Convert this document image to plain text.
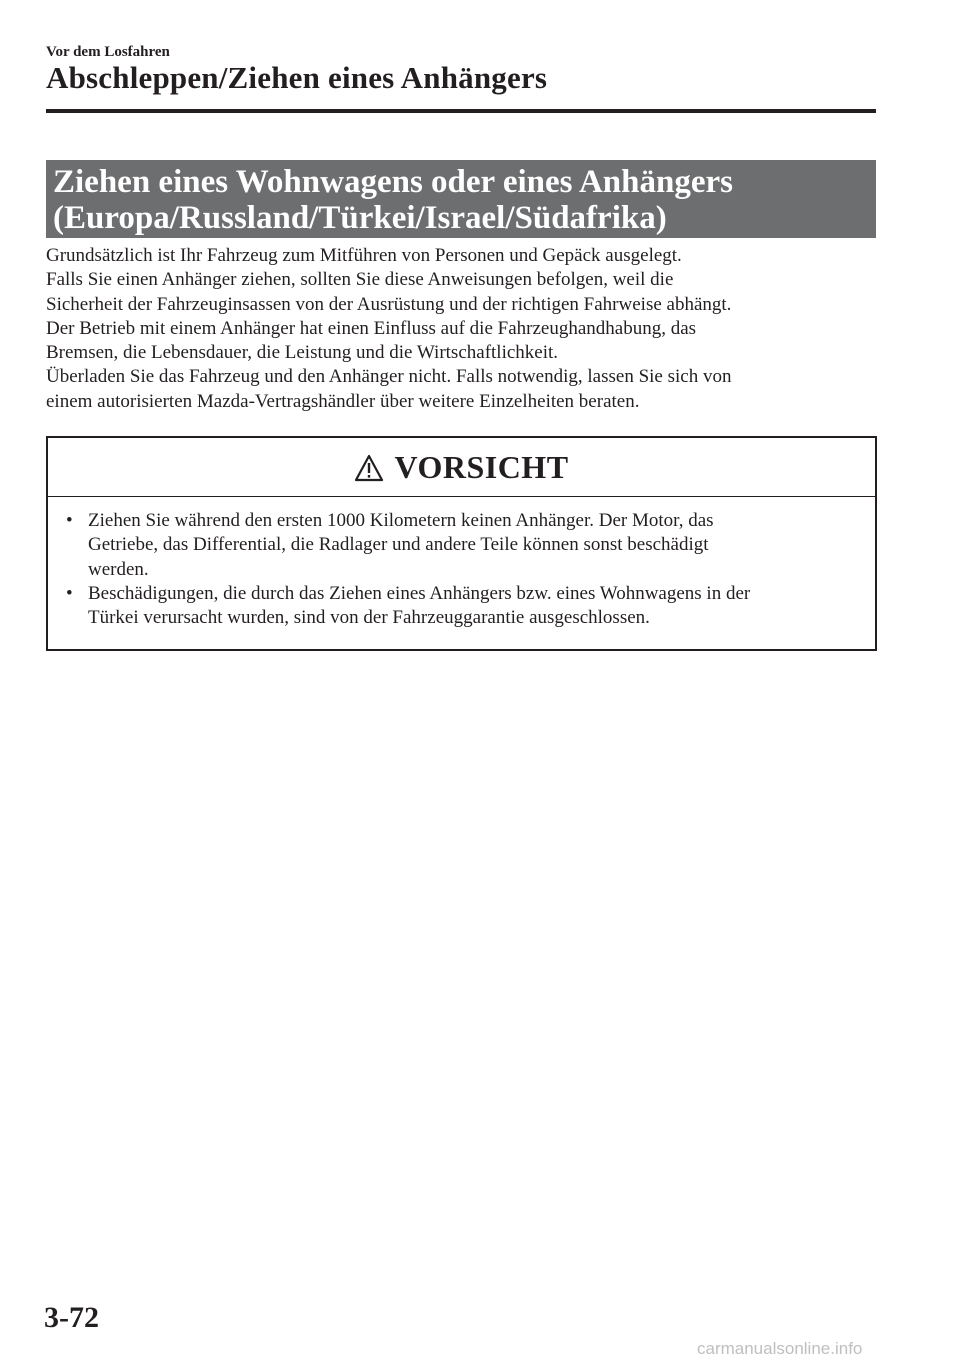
Vor dem Losfahren
Abschleppen/Ziehen eines Anhängers
Ziehen eines Wohnwagens oder eines Anhängers
(Europa/Russland/Türkei/Israel/Südafrika)

Grundsätzlich ist Ihr Fahrzeug zum Mitführen von Personen und Gepäck ausgelegt.

Falls Sie einen Anhänger ziehen, sollten Sie diese Anweisungen befolgen, weil die

Sicherheit der Fahrzeuginsassen von der Ausrüstung und der richtigen Fahrweise abhängt.

Der Betrieb mit einem Anhänger hat einen Einfluss auf die Fahrzeughandhabung, das

Bremsen, die Lebensdauer, die Leistung und die Wirtschaftlichkeit.

Überladen Sie das Fahrzeug und den Anhänger nicht. Falls notwendig, lassen Sie sich von

einem autorisierten Mazda-Vertragshändler über weitere Einzelheiten beraten.

VORSICHT
• Ziehen Sie während den ersten 1000 Kilometern keinen Anhänger. Der Motor, das
Getriebe, das Differential, die Radlager und andere Teile können sonst beschädigt
werden.
• Beschädigungen, die durch das Ziehen eines Anhängers bzw. eines Wohnwagens in der
Türkei verursacht wurden, sind von der Fahrzeuggarantie ausgeschlossen.
3-72
carmanualsonline.info
